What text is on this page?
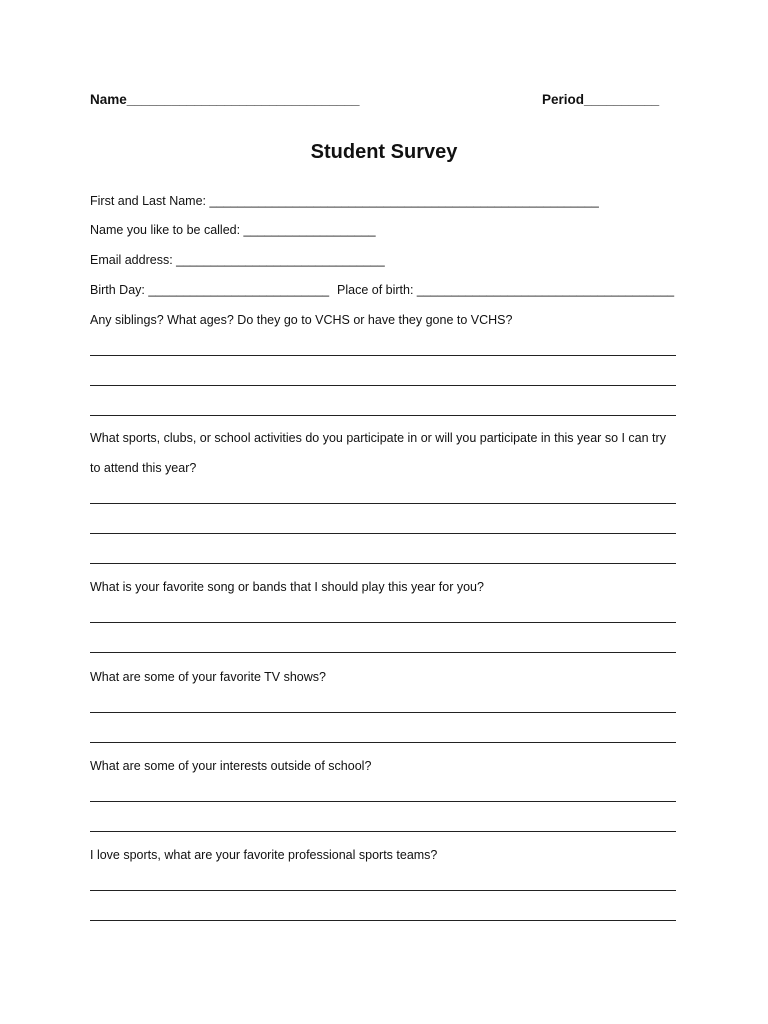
Name_______________________________	Period__________
Student Survey
First and Last Name: ________________________________________________________
Name you like to be called: ___________________
Email address: ______________________________
Birth Day: __________________________ Place of birth: _____________________________________
Any siblings? What ages? Do they go to VCHS or have they gone to VCHS?
What sports, clubs, or school activities do you participate in or will you participate in this year so I can try
to attend this year?
What is your favorite song or bands that I should play this year for you?
What are some of your favorite TV shows?
What are some of your interests outside of school?
I love sports, what are your favorite professional sports teams?
